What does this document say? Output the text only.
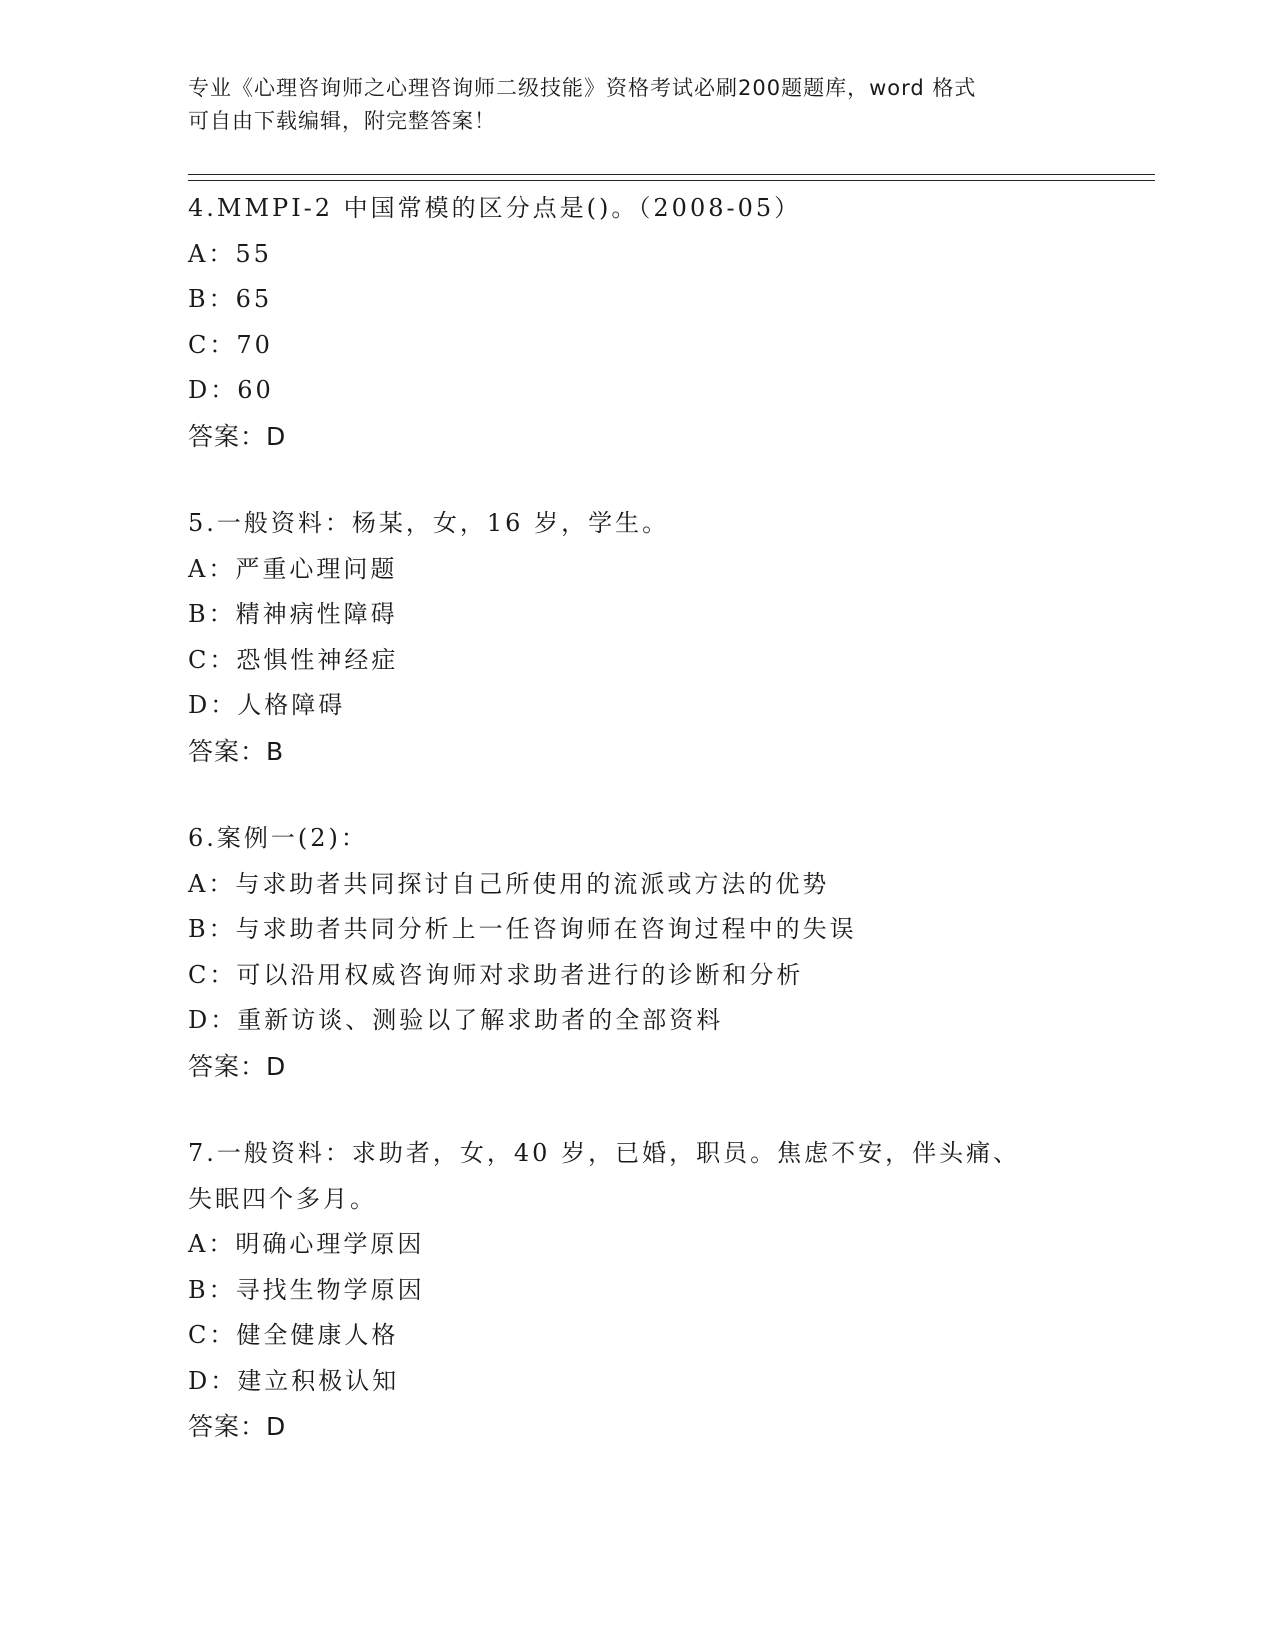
专业《心理咨询师之心理咨询师二级技能》资格考试必刷200题题库，word 格式
可自由下载编辑，附完整答案！
4.MMPI-2 中国常模的区分点是()。（2008-05）
A：55
B：65
C：70
D：60
答案：D
5.一般资料：杨某，女，16 岁，学生。
A：严重心理问题
B：精神病性障碍
C：恐惧性神经症
D：人格障碍
答案：B
6.案例一(2)：
A：与求助者共同探讨自己所使用的流派或方法的优势
B：与求助者共同分析上一任咨询师在咨询过程中的失误
C：可以沿用权威咨询师对求助者进行的诊断和分析
D：重新访谈、测验以了解求助者的全部资料
答案：D
7.一般资料：求助者，女，40 岁，已婚，职员。焦虑不安，伴头痛、
失眠四个多月。
A：明确心理学原因
B：寻找生物学原因
C：健全健康人格
D：建立积极认知
答案：D
